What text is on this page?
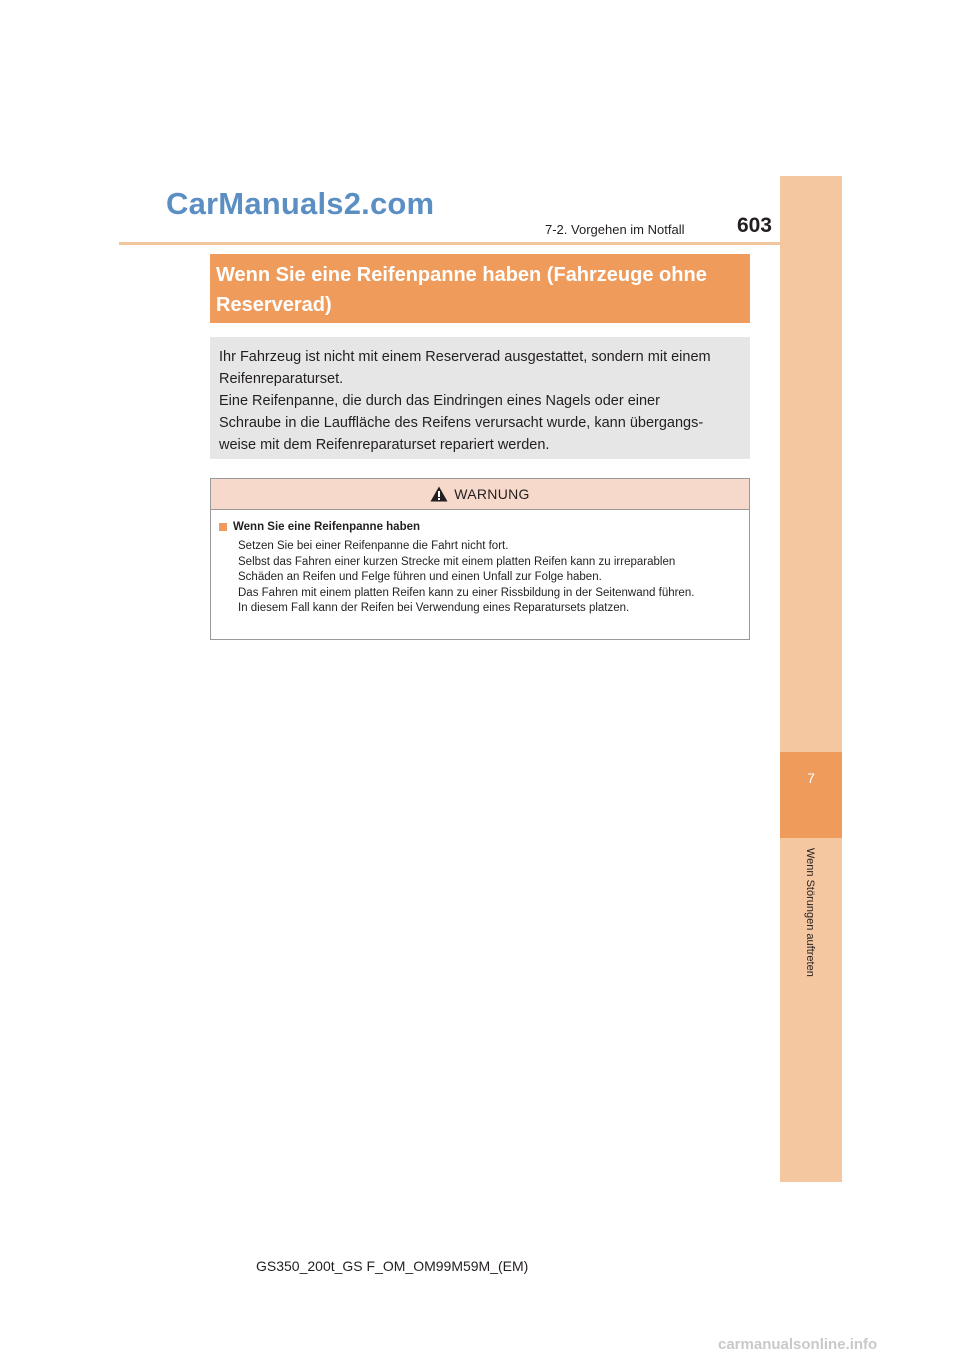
CarManuals2.com
7
Wenn Störungen auftreten
7-2. Vorgehen im Notfall	603
Wenn Sie eine Reifenpanne haben (Fahrzeuge ohne
Reserverad)

Ihr Fahrzeug ist nicht mit einem Reserverad ausgestattet, sondern mit einem
Reifenreparaturset.
Eine Reifenpanne, die durch das Eindringen eines Nagels oder einer
Schraube in die Lauffläche des Reifens verursacht wurde, kann übergangs-
weise mit dem Reifenreparaturset repariert werden.

WARNUNG
Wenn Sie eine Reifenpanne haben
Setzen Sie bei einer Reifenpanne die Fahrt nicht fort.
Selbst das Fahren einer kurzen Strecke mit einem platten Reifen kann zu irreparablen
Schäden an Reifen und Felge führen und einen Unfall zur Folge haben.
Das Fahren mit einem platten Reifen kann zu einer Rissbildung in der Seitenwand führen.
In diesem Fall kann der Reifen bei Verwendung eines Reparatursets platzen.
GS350_200t_GS F_OM_OM99M59M_(EM)
carmanualsonline.info
